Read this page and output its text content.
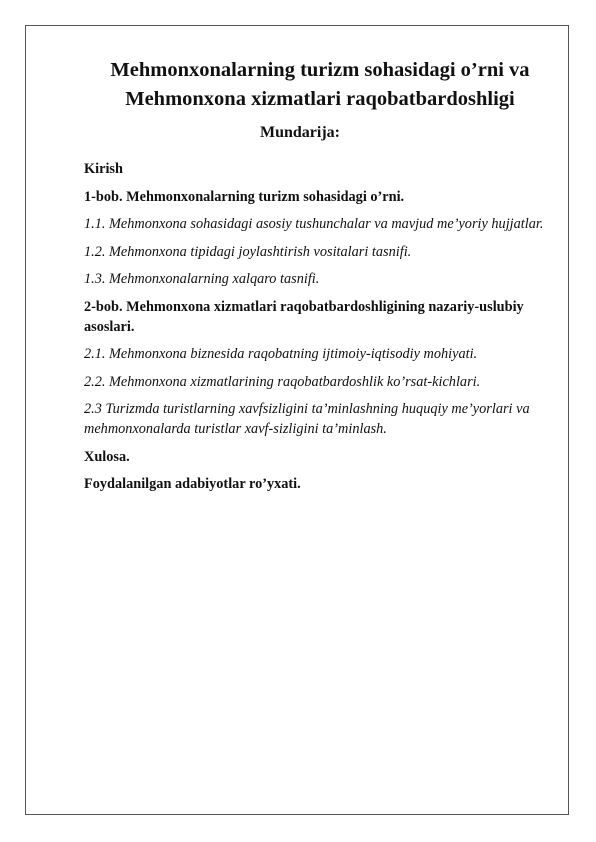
Mehmonxonalarning turizm sohasidagi o’rni va
Mehmonxona xizmatlari raqobatbardoshligi
Mundarija:
Kirish
1-bob. Mehmonxonalarning turizm sohasidagi o’rni.
1.1. Mehmonxona sohasidagi asosiy tushunchalar va mavjud me’yoriy hujjatlar.
1.2. Mehmonxona tipidagi joylashtirish vositalari tasnifi.
1.3. Mehmonxonalarning xalqaro tasnifi.
2-bob. Mehmonxona xizmatlari raqobatbardoshligining nazariy-uslubiy asoslari.
2.1. Mehmonxona biznesida raqobatning ijtimoiy-iqtisodiy mohiyati.
2.2. Mehmonxona xizmatlarining raqobatbardoshlik ko’rsat-kichlari.
2.3 Turizmda turistlarning xavfsizligini ta’minlashning huquqiy me’yorlari va mehmonxonalarda turistlar xavf-sizligini ta’minlash.
Xulosa.
Foydalanilgan adabiyotlar ro’yxati.
